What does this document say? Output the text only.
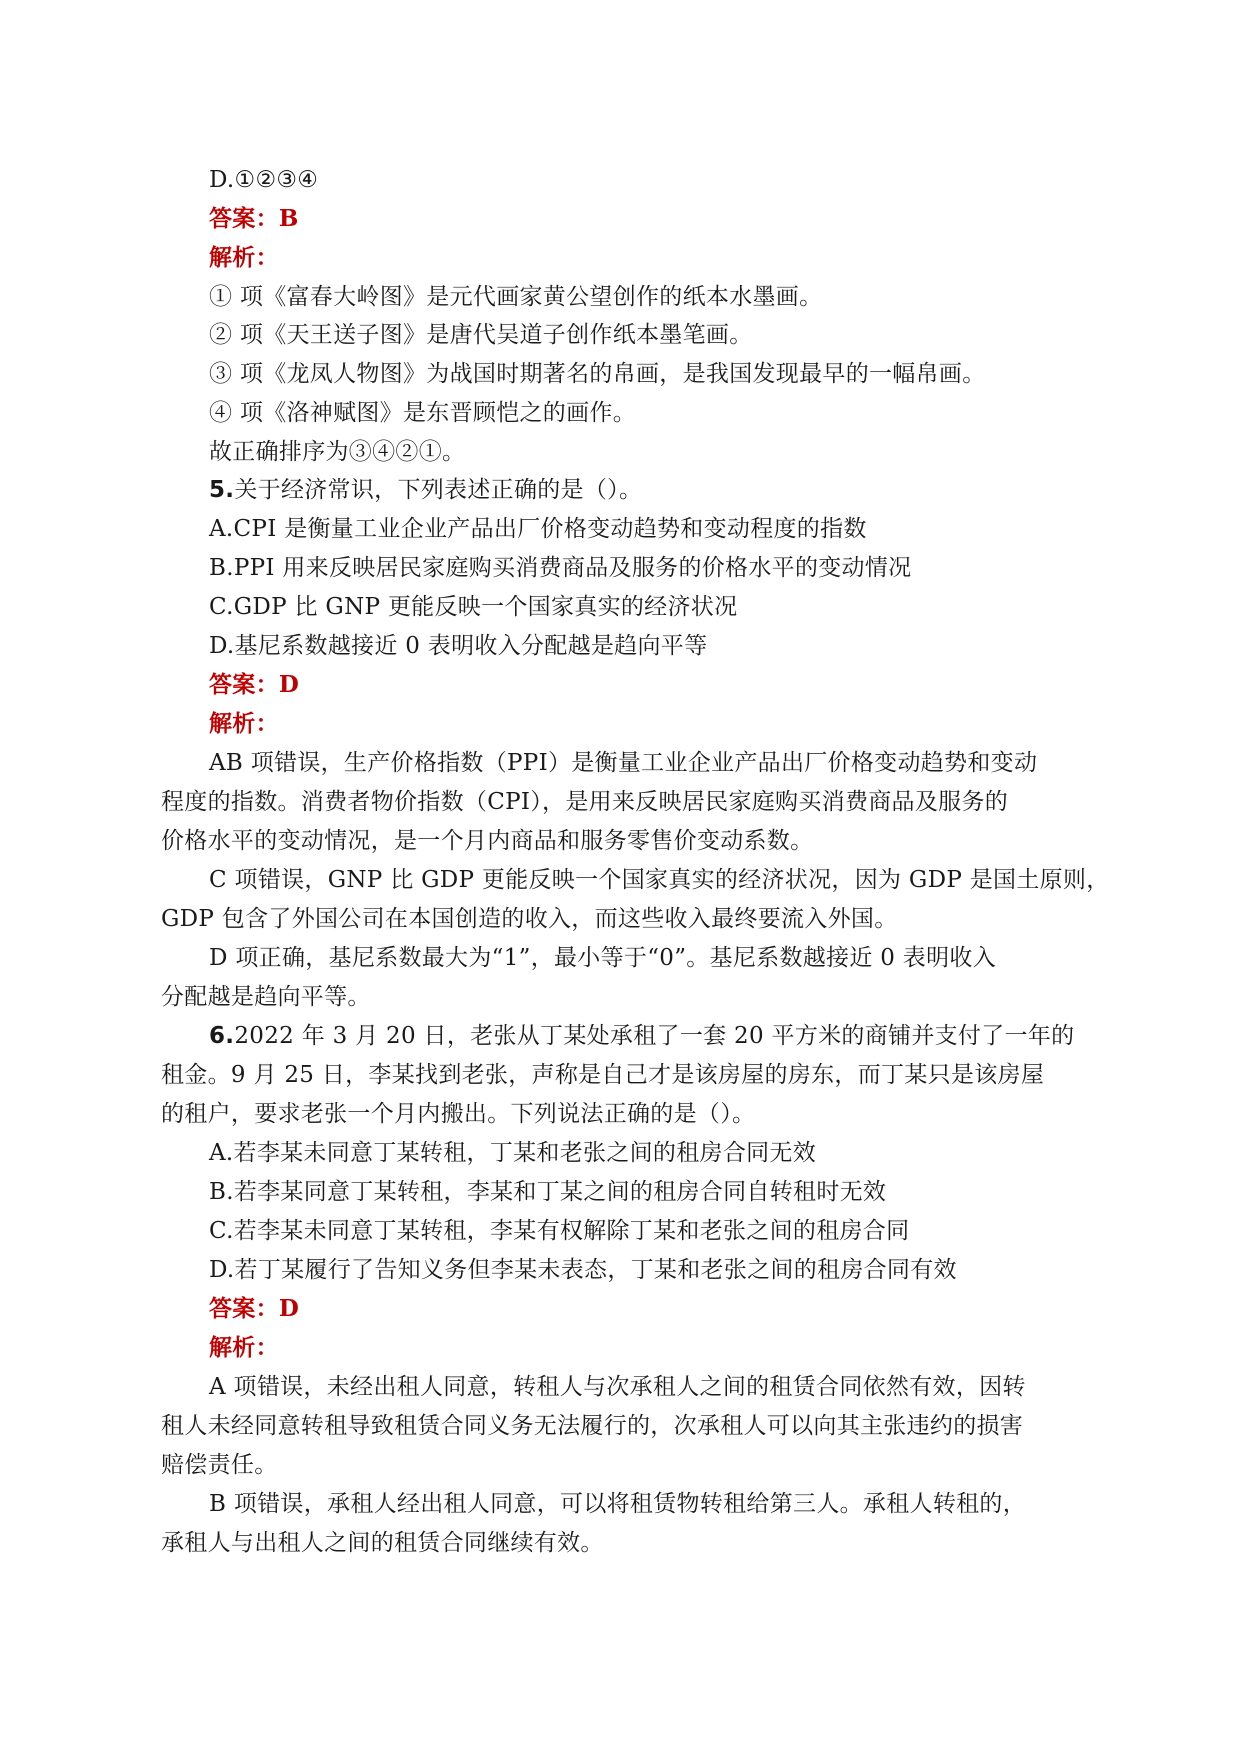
D.①②③④
答案：B
解析：
① 项《富春大岭图》是元代画家黄公望创作的纸本水墨画。
② 项《天王送子图》是唐代吴道子创作纸本墨笔画。
③ 项《龙凤人物图》为战国时期著名的帛画，是我国发现最早的一幅帛画。
④ 项《洛神赋图》是东晋顾恺之的画作。
故正确排序为③④②①。
5.关于经济常识，下列表述正确的是（）。
A.CPI 是衡量工业企业产品出厂价格变动趋势和变动程度的指数
B.PPI 用来反映居民家庭购买消费商品及服务的价格水平的变动情况
C.GDP 比 GNP 更能反映一个国家真实的经济状况
D.基尼系数越接近 0 表明收入分配越是趋向平等
答案：D
解析：
AB 项错误，生产价格指数（PPI）是衡量工业企业产品出厂价格变动趋势和变动
程度的指数。消费者物价指数（CPI），是用来反映居民家庭购买消费商品及服务的
价格水平的变动情况，是一个月内商品和服务零售价变动系数。
C 项错误，GNP 比 GDP 更能反映一个国家真实的经济状况，因为 GDP 是国土原则，
GDP 包含了外国公司在本国创造的收入，而这些收入最终要流入外国。
D 项正确，基尼系数最大为“1”，最小等于“0”。基尼系数越接近 0 表明收入
分配越是趋向平等。
6.2022 年 3 月 20 日，老张从丁某处承租了一套 20 平方米的商铺并支付了一年的
租金。9 月 25 日，李某找到老张，声称是自己才是该房屋的房东，而丁某只是该房屋
的租户，要求老张一个月内搬出。下列说法正确的是（）。
A.若李某未同意丁某转租，丁某和老张之间的租房合同无效
B.若李某同意丁某转租，李某和丁某之间的租房合同自转租时无效
C.若李某未同意丁某转租，李某有权解除丁某和老张之间的租房合同
D.若丁某履行了告知义务但李某未表态，丁某和老张之间的租房合同有效
答案：D
解析：
A 项错误，未经出租人同意，转租人与次承租人之间的租赁合同依然有效，因转
租人未经同意转租导致租赁合同义务无法履行的，次承租人可以向其主张违约的损害
赔偿责任。
B 项错误，承租人经出租人同意，可以将租赁物转租给第三人。承租人转租的，
承租人与出租人之间的租赁合同继续有效。
